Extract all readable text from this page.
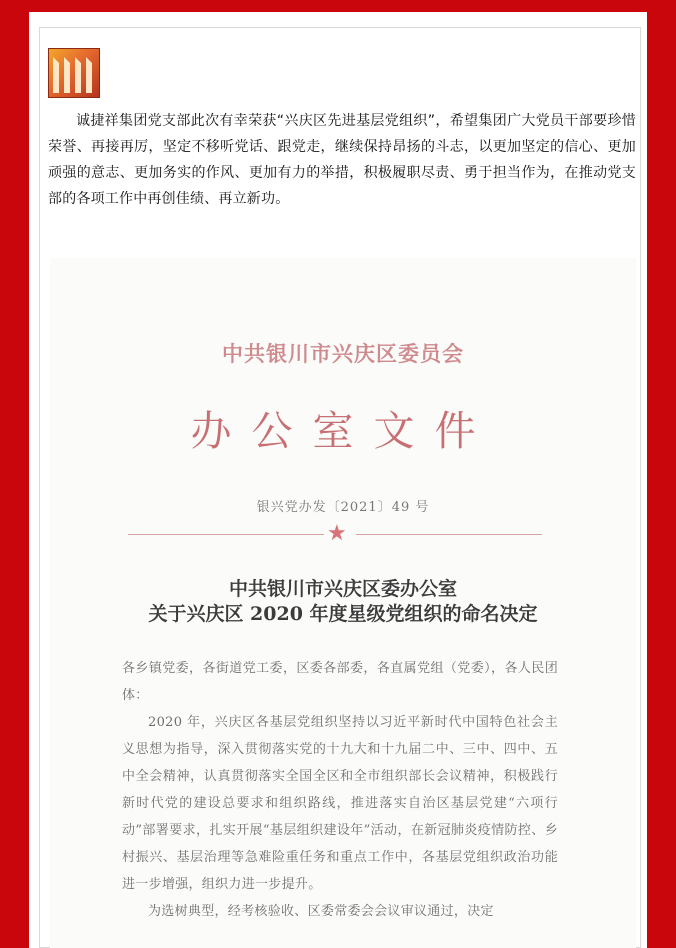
诚捷祥集团党支部此次有幸荣获“兴庆区先进基层党组织”，希望集团广大党员干部要珍惜荣誉、再接再厉，坚定不移听党话、跟党走，继续保持昂扬的斗志，以更加坚定的信心、更加顽强的意志、更加务实的作风、更加有力的举措，积极履职尽责、勇于担当作为，在推动党支部的各项工作中再创佳绩、再立新功。
中共银川市兴庆区委员会
办公室文件
银兴党办发〔2021〕49 号
★
中共银川市兴庆区委办公室
关于兴庆区 2020 年度星级党组织的命名决定

各乡镇党委，各街道党工委，区委各部委，各直属党组（党委），各人民团体：

2020 年，兴庆区各基层党组织坚持以习近平新时代中国特色社会主义思想为指导，深入贯彻落实党的十九大和十九届二中、三中、四中、五中全会精神，认真贯彻落实全国全区和全市组织部长会议精神，积极践行新时代党的建设总要求和组织路线，推进落实自治区基层党建“六项行动”部署要求，扎实开展“基层组织建设年”活动，在新冠肺炎疫情防控、乡村振兴、基层治理等急难险重任务和重点工作中，各基层党组织政治功能进一步增强，组织力进一步提升。

为选树典型，经考核验收、区委常委会会议审议通过，决定
